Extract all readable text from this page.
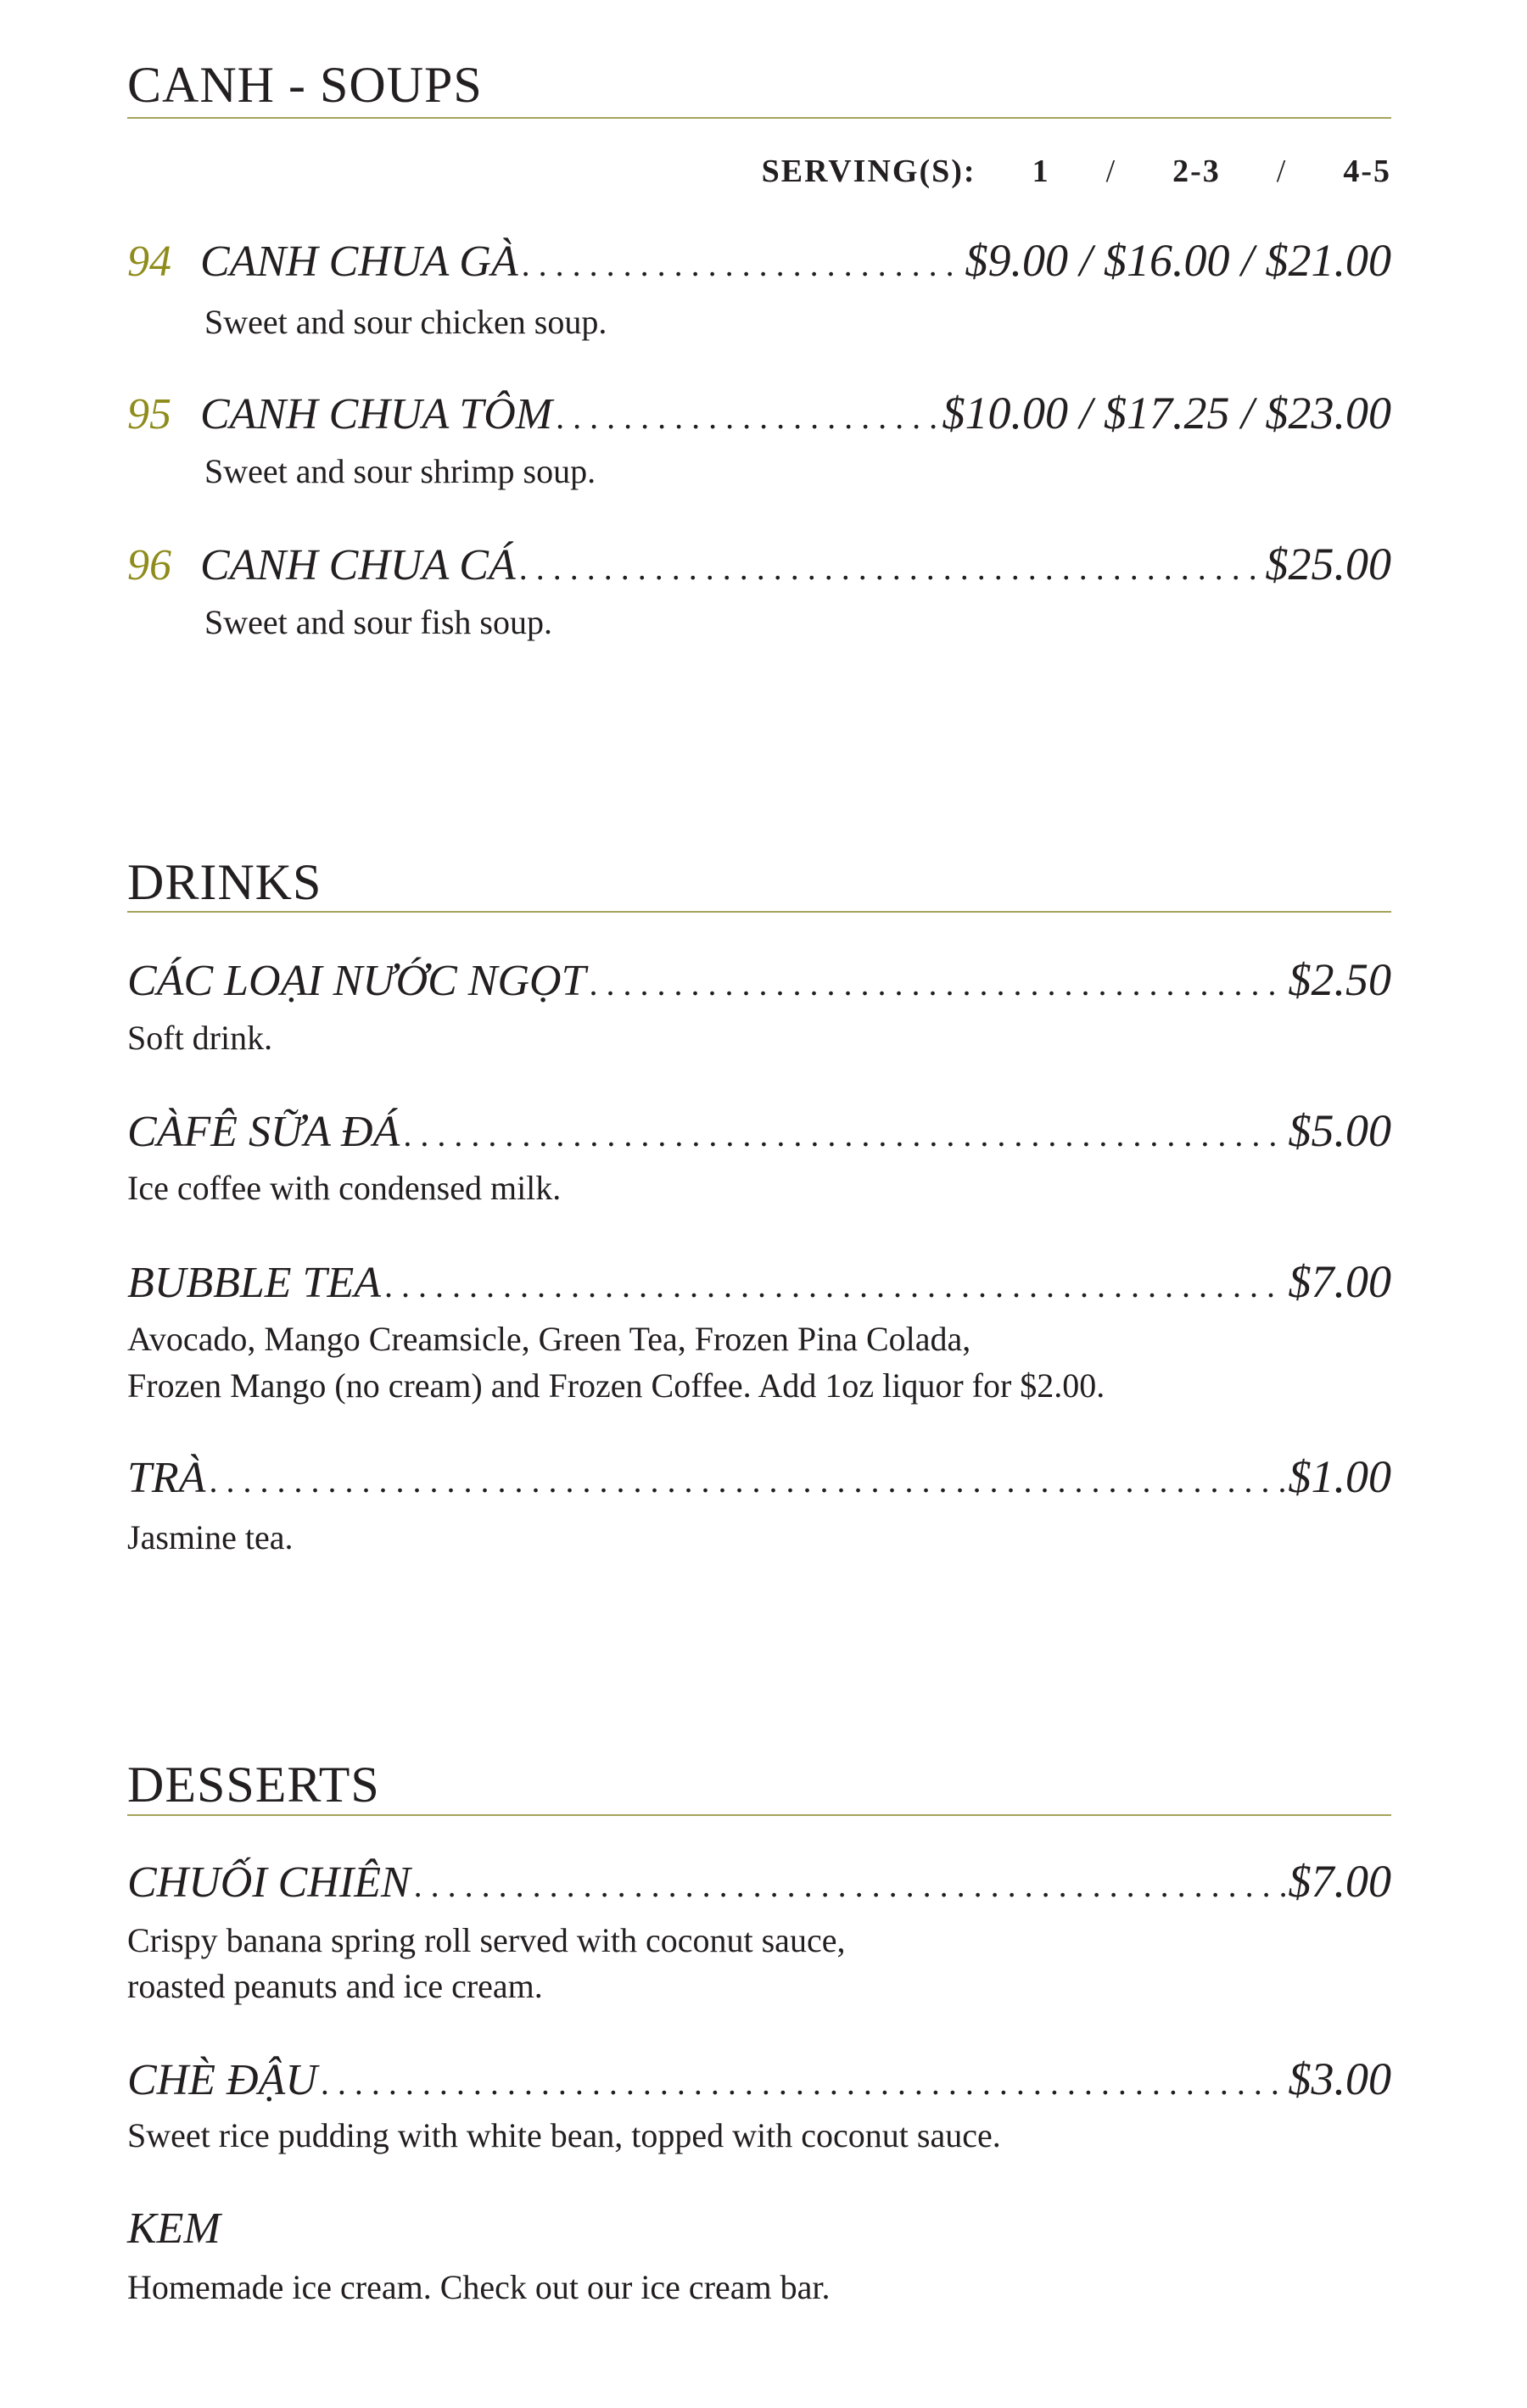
CANH - SOUPS
SERVING(S): 1 / 2-3 / 4-5
94 CANH CHUA GÀ . . .	$9.00 / $16.00 / $21.00
Sweet and sour chicken soup.
95 CANH CHUA TÔM . . .	$10.00 / $17.25 / $23.00
Sweet and sour shrimp soup.
96 CANH CHUA CÁ . . .	$25.00
Sweet and sour fish soup.
DRINKS
CÁC LOẠI NƯỚC NGỌT . . .	$2.50
Soft drink.
CÀFÊ SỮA ĐÁ . . .	$5.00
Ice coffee with condensed milk.
BUBBLE TEA . . .	$7.00
Avocado, Mango Creamsicle, Green Tea, Frozen Pina Colada,
Frozen Mango (no cream) and Frozen Coffee. Add 1oz liquor for $2.00.
TRÀ . . .	$1.00
Jasmine tea.
DESSERTS
CHUỐI CHIÊN . . .	$7.00
Crispy banana spring roll served with coconut sauce,
roasted peanuts and ice cream.
CHÈ ĐẬU . . .	$3.00
Sweet rice pudding with white bean, topped with coconut sauce.
KEM
Homemade ice cream. Check out our ice cream bar.
